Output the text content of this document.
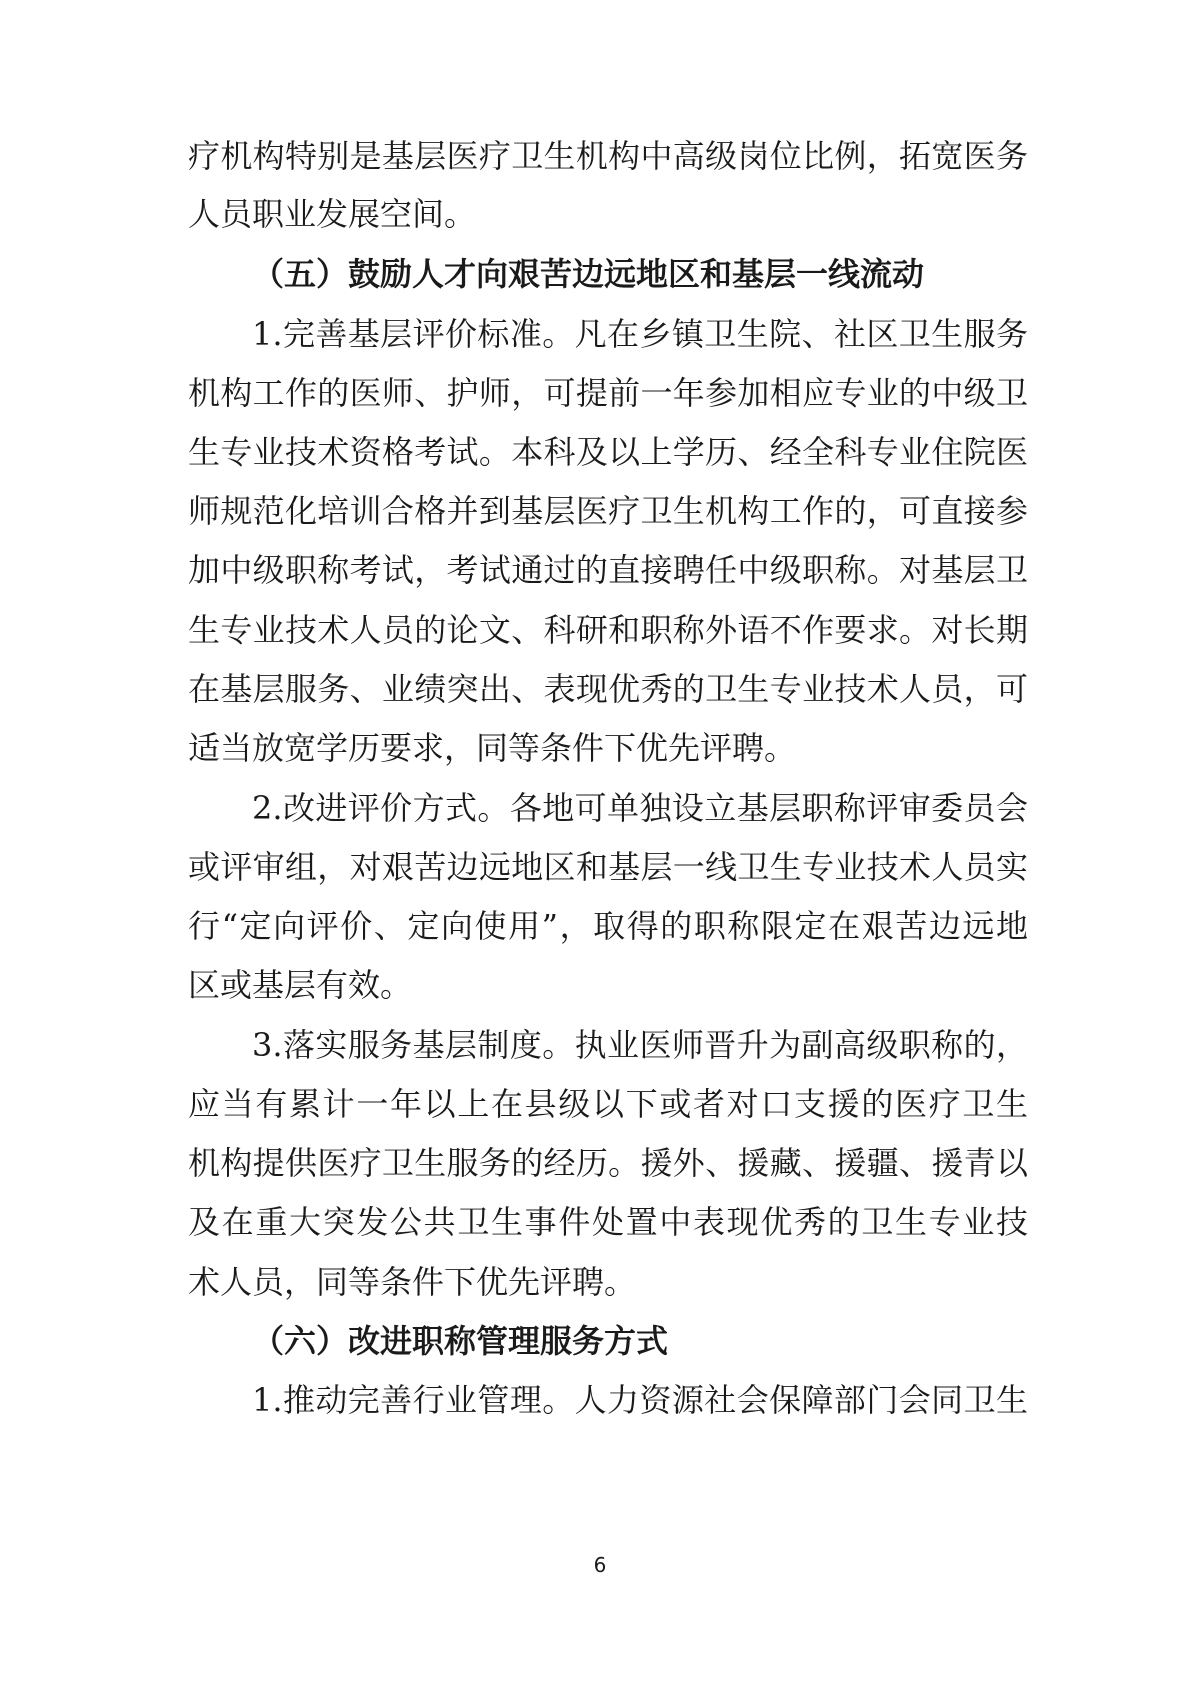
疗机构特别是基层医疗卫生机构中高级岗位比例，拓宽医务
人员职业发展空间。
（五）鼓励人才向艰苦边远地区和基层一线流动
1.完善基层评价标准。凡在乡镇卫生院、社区卫生服务
机构工作的医师、护师，可提前一年参加相应专业的中级卫
生专业技术资格考试。本科及以上学历、经全科专业住院医
师规范化培训合格并到基层医疗卫生机构工作的，可直接参
加中级职称考试，考试通过的直接聘任中级职称。对基层卫
生专业技术人员的论文、科研和职称外语不作要求。对长期
在基层服务、业绩突出、表现优秀的卫生专业技术人员，可
适当放宽学历要求，同等条件下优先评聘。
2.改进评价方式。各地可单独设立基层职称评审委员会
或评审组，对艰苦边远地区和基层一线卫生专业技术人员实
行“定向评价、定向使用”，取得的职称限定在艰苦边远地
区或基层有效。
3.落实服务基层制度。执业医师晋升为副高级职称的，
应当有累计一年以上在县级以下或者对口支援的医疗卫生
机构提供医疗卫生服务的经历。援外、援藏、援疆、援青以
及在重大突发公共卫生事件处置中表现优秀的卫生专业技
术人员，同等条件下优先评聘。
（六）改进职称管理服务方式
1.推动完善行业管理。人力资源社会保障部门会同卫生
6
